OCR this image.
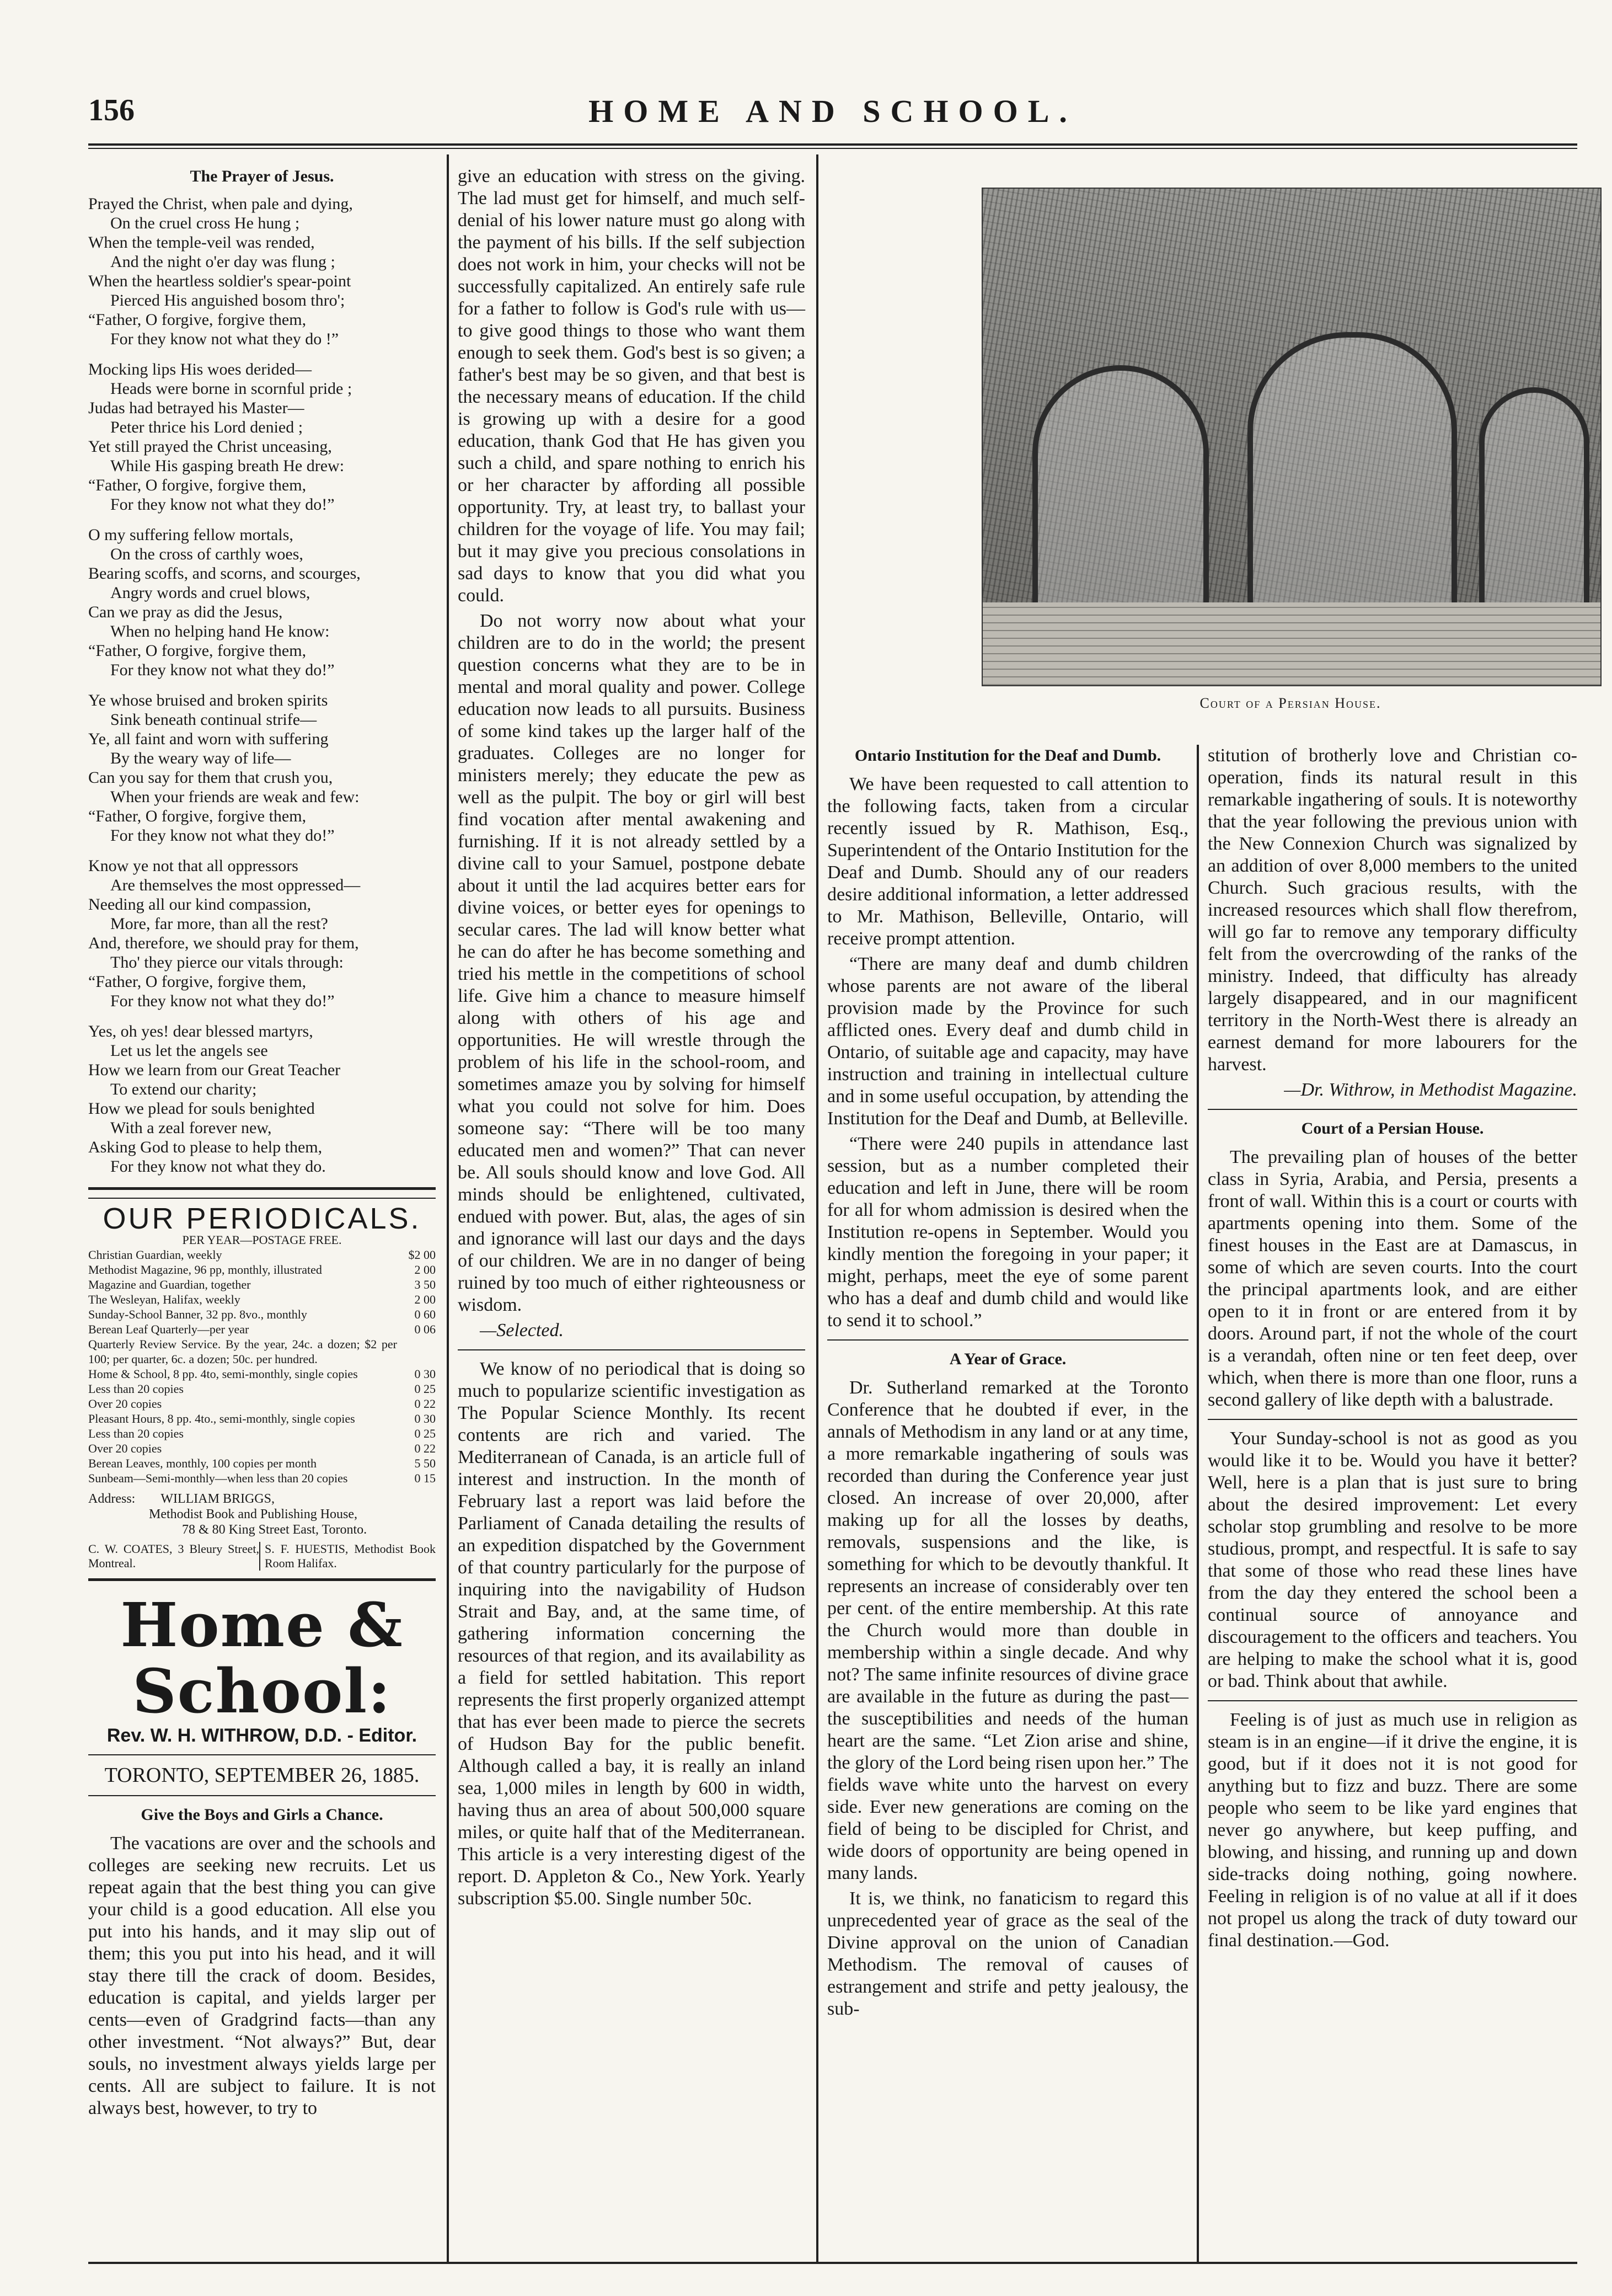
156	HOME AND SCHOOL.
The Prayer of Jesus.
Prayed the Christ, when pale and dying,
On the cruel cross He hung ;
When the temple-veil was rended,
And the night o'er day was flung ;
When the heartless soldier's spear-point
Pierced His anguished bosom thro';
“Father, O forgive, forgive them,
For they know not what they do !”
Mocking lips His woes derided—
Heads were borne in scornful pride ;
Judas had betrayed his Master—
Peter thrice his Lord denied ;
Yet still prayed the Christ unceasing,
While His gasping breath He drew:
“Father, O forgive, forgive them,
For they know not what they do!”
O my suffering fellow mortals,
On the cross of carthly woes,
Bearing scoffs, and scorns, and scourges,
Angry words and cruel blows,
Can we pray as did the Jesus,
When no helping hand He know:
“Father, O forgive, forgive them,
For they know not what they do!”
Ye whose bruised and broken spirits
Sink beneath continual strife—
Ye, all faint and worn with suffering
By the weary way of life—
Can you say for them that crush you,
When your friends are weak and few:
“Father, O forgive, forgive them,
For they know not what they do!”
Know ye not that all oppressors
Are themselves the most oppressed—
Needing all our kind compassion,
More, far more, than all the rest?
And, therefore, we should pray for them,
Tho' they pierce our vitals through:
“Father, O forgive, forgive them,
For they know not what they do!”
Yes, oh yes! dear blessed martyrs,
Let us let the angels see
How we learn from our Great Teacher
To extend our charity;
How we plead for souls benighted
With a zeal forever new,
Asking God to please to help them,
For they know not what they do.
OUR PERIODICALS.
PER YEAR—POSTAGE FREE.
Christian Guardian, weekly	$2 00
Methodist Magazine, 96 pp, monthly, illustrated	2 00
Magazine and Guardian, together	3 50
The Wesleyan, Halifax, weekly	2 00
Sunday-School Banner, 32 pp. 8vo., monthly	0 60
Berean Leaf Quarterly—per year	0 06
Quarterly Review Service. By the year, 24c. a dozen; $2 per 100; per quarter, 6c. a dozen; 50c. per hundred.
Home & School, 8 pp. 4to, semi-monthly, single copies	0 30
Less than 20 copies	0 25
Over 20 copies	0 22
Pleasant Hours, 8 pp. 4to., semi-monthly, single copies	0 30
Less than 20 copies	0 25
Over 20 copies	0 22
Berean Leaves, monthly, 100 copies per month	5 50
Sunbeam—Semi-monthly—when less than 20 copies	0 15
Address: WILLIAM BRIGGS,
Methodist Book and Publishing House,
78 & 80 King Street East, Toronto.
C. W. COATES, 3 Bleury Street, Montreal.
S. F. HUESTIS, Methodist Book Room Halifax.
Home & School:
Rev. W. H. WITHROW, D.D. - Editor.
TORONTO, SEPTEMBER 26, 1885.
Give the Boys and Girls a Chance.

The vacations are over and the schools and colleges are seeking new recruits. Let us repeat again that the best thing you can give your child is a good education. All else you put into his hands, and it may slip out of them; this you put into his head, and it will stay there till the crack of doom. Besides, education is capital, and yields larger per cents—even of Gradgrind facts—than any other investment. “Not always?” But, dear souls, no investment always yields large per cents. All are subject to failure. It is not always best, however, to try to

give an education with stress on the giving. The lad must get for himself, and much self-denial of his lower nature must go along with the payment of his bills. If the self subjection does not work in him, your checks will not be successfully capitalized. An entirely safe rule for a father to follow is God's rule with us—to give good things to those who want them enough to seek them. God's best is so given; a father's best may be so given, and that best is the necessary means of education. If the child is growing up with a desire for a good education, thank God that He has given you such a child, and spare nothing to enrich his or her character by affording all possible opportunity. Try, at least try, to ballast your children for the voyage of life. You may fail; but it may give you precious consolations in sad days to know that you did what you could.

Do not worry now about what your children are to do in the world; the present question concerns what they are to be in mental and moral quality and power. College education now leads to all pursuits. Business of some kind takes up the larger half of the graduates. Colleges are no longer for ministers merely; they educate the pew as well as the pulpit. The boy or girl will best find vocation after mental awakening and furnishing. If it is not already settled by a divine call to your Samuel, postpone debate about it until the lad acquires better ears for divine voices, or better eyes for openings to secular cares. The lad will know better what he can do after he has become something and tried his mettle in the competitions of school life. Give him a chance to measure himself along with others of his age and opportunities. He will wrestle through the problem of his life in the school-room, and sometimes amaze you by solving for himself what you could not solve for him. Does someone say: “There will be too many educated men and women?” That can never be. All souls should know and love God. All minds should be enlightened, cultivated, endued with power. But, alas, the ages of sin and ignorance will last our days and the days of our children. We are in no danger of being ruined by too much of either righteousness or wisdom.

—Selected.

We know of no periodical that is doing so much to popularize scientific investigation as The Popular Science Monthly. Its recent contents are rich and varied. The Mediterranean of Canada, is an article full of interest and instruction. In the month of February last a report was laid before the Parliament of Canada detailing the results of an expedition dispatched by the Government of that country particularly for the purpose of inquiring into the navigability of Hudson Strait and Bay, and, at the same time, of gathering information concerning the resources of that region, and its availability as a field for settled habitation. This report represents the first properly organized attempt that has ever been made to pierce the secrets of Hudson Bay for the public benefit. Although called a bay, it is really an inland sea, 1,000 miles in length by 600 in width, having thus an area of about 500,000 square miles, or quite half that of the Mediterranean. This article is a very interesting digest of the report. D. Appleton & Co., New York. Yearly subscription $5.00. Single number 50c.

Court of a Persian House.
Ontario Institution for the Deaf and Dumb.

We have been requested to call attention to the following facts, taken from a circular recently issued by R. Mathison, Esq., Superintendent of the Ontario Institution for the Deaf and Dumb. Should any of our readers desire additional information, a letter addressed to Mr. Mathison, Belleville, Ontario, will receive prompt attention.

“There are many deaf and dumb children whose parents are not aware of the liberal provision made by the Province for such afflicted ones. Every deaf and dumb child in Ontario, of suitable age and capacity, may have instruction and training in intellectual culture and in some useful occupation, by attending the Institution for the Deaf and Dumb, at Belleville.

“There were 240 pupils in attendance last session, but as a number completed their education and left in June, there will be room for all for whom admission is desired when the Institution re-opens in September. Would you kindly mention the foregoing in your paper; it might, perhaps, meet the eye of some parent who has a deaf and dumb child and would like to send it to school.”

A Year of Grace.

Dr. Sutherland remarked at the Toronto Conference that he doubted if ever, in the annals of Methodism in any land or at any time, a more remarkable ingathering of souls was recorded than during the Conference year just closed. An increase of over 20,000, after making up for all the losses by deaths, removals, suspensions and the like, is something for which to be devoutly thankful. It represents an increase of considerably over ten per cent. of the entire membership. At this rate the Church would more than double in membership within a single decade. And why not? The same infinite resources of divine grace are available in the future as during the past—the susceptibilities and needs of the human heart are the same. “Let Zion arise and shine, the glory of the Lord being risen upon her.” The fields wave white unto the harvest on every side. Ever new generations are coming on the field of being to be discipled for Christ, and wide doors of opportunity are being opened in many lands.

It is, we think, no fanaticism to regard this unprecedented year of grace as the seal of the Divine approval on the union of Canadian Methodism. The removal of causes of estrangement and strife and petty jealousy, the sub-

stitution of brotherly love and Christian co-operation, finds its natural result in this remarkable ingathering of souls. It is noteworthy that the year following the previous union with the New Connexion Church was signalized by an addition of over 8,000 members to the united Church. Such gracious results, with the increased resources which shall flow therefrom, will go far to remove any temporary difficulty felt from the overcrowding of the ranks of the ministry. Indeed, that difficulty has already largely disappeared, and in our magnificent territory in the North-West there is already an earnest demand for more labourers for the harvest.

—Dr. Withrow, in Methodist Magazine.

Court of a Persian House.

The prevailing plan of houses of the better class in Syria, Arabia, and Persia, presents a front of wall. Within this is a court or courts with apartments opening into them. Some of the finest houses in the East are at Damascus, in some of which are seven courts. Into the court the principal apartments look, and are either open to it in front or are entered from it by doors. Around part, if not the whole of the court is a verandah, often nine or ten feet deep, over which, when there is more than one floor, runs a second gallery of like depth with a balustrade.

Your Sunday-school is not as good as you would like it to be. Would you have it better? Well, here is a plan that is just sure to bring about the desired improvement: Let every scholar stop grumbling and resolve to be more studious, prompt, and respectful. It is safe to say that some of those who read these lines have from the day they entered the school been a continual source of annoyance and discouragement to the officers and teachers. You are helping to make the school what it is, good or bad. Think about that awhile.

Feeling is of just as much use in religion as steam is in an engine—if it drive the engine, it is good, but if it does not it is not good for anything but to fizz and buzz. There are some people who seem to be like yard engines that never go anywhere, but keep puffing, and blowing, and hissing, and running up and down side-tracks doing nothing, going nowhere. Feeling in religion is of no value at all if it does not propel us along the track of duty toward our final destination.—God.
